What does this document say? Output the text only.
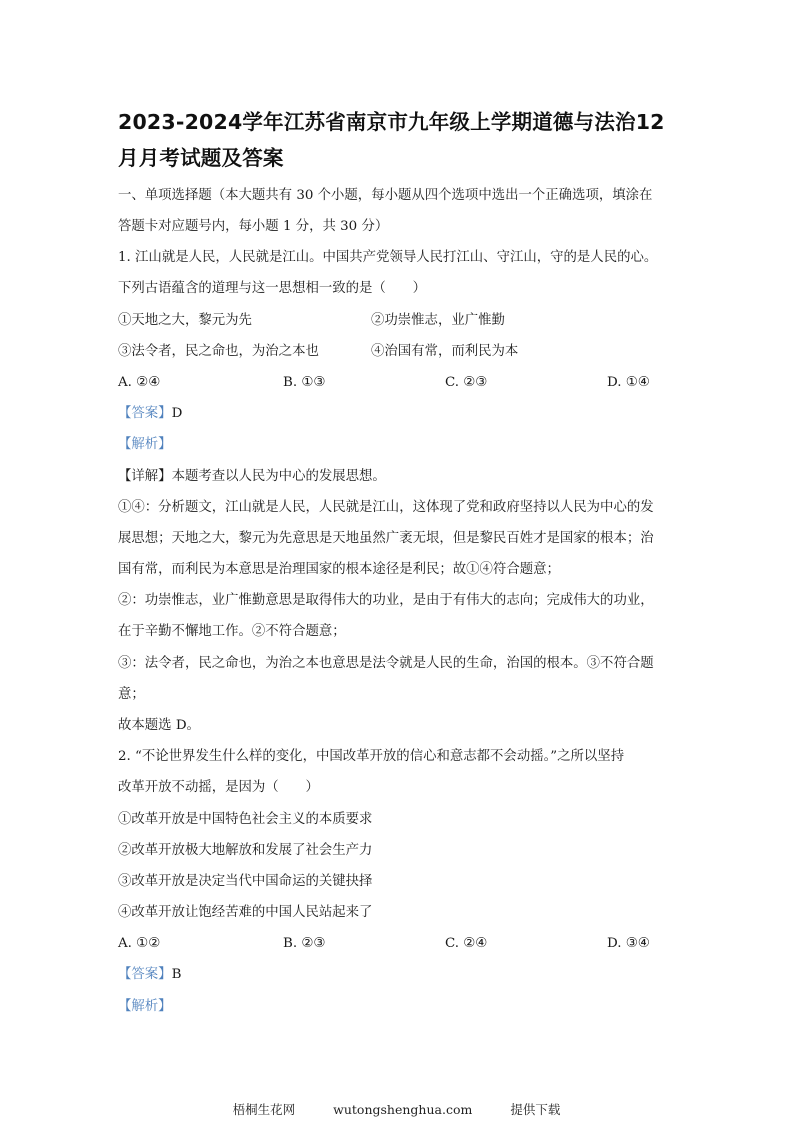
2023-2024学年江苏省南京市九年级上学期道德与法治12
月月考试题及答案
一、单项选择题（本大题共有 30 个小题，每小题从四个选项中选出一个正确选项，填涂在
答题卡对应题号内，每小题 1 分，共 30 分）
1. 江山就是人民，人民就是江山。中国共产党领导人民打江山、守江山，守的是人民的心。
下列古语蕴含的道理与这一思想相一致的是（　　）
①天地之大，黎元为先	②功崇惟志，业广惟勤
③法令者，民之命也，为治之本也	④治国有常，而利民为本
A. ②④	B. ①③	C. ②③	D. ①④
【答案】D
【解析】
【详解】本题考查以人民为中心的发展思想。
①④：分析题文，江山就是人民，人民就是江山，这体现了党和政府坚持以人民为中心的发
展思想；天地之大，黎元为先意思是天地虽然广袤无垠，但是黎民百姓才是国家的根本；治
国有常，而利民为本意思是治理国家的根本途径是利民；故①④符合题意；
②：功崇惟志，业广惟勤意思是取得伟大的功业，是由于有伟大的志向；完成伟大的功业，
在于辛勤不懈地工作。②不符合题意；
③：法令者，民之命也，为治之本也意思是法令就是人民的生命，治国的根本。③不符合题
意；
故本题选 D。
2. “不论世界发生什么样的变化，中国改革开放的信心和意志都不会动摇。”之所以坚持
改革开放不动摇，是因为（　　）
①改革开放是中国特色社会主义的本质要求
②改革开放极大地解放和发展了社会生产力
③改革开放是决定当代中国命运的关键抉择
④改革开放让饱经苦难的中国人民站起来了
A. ①②	B. ②③	C. ②④	D. ③④
【答案】B
【解析】
梧桐生花网	wutongshenghua.com	提供下载
